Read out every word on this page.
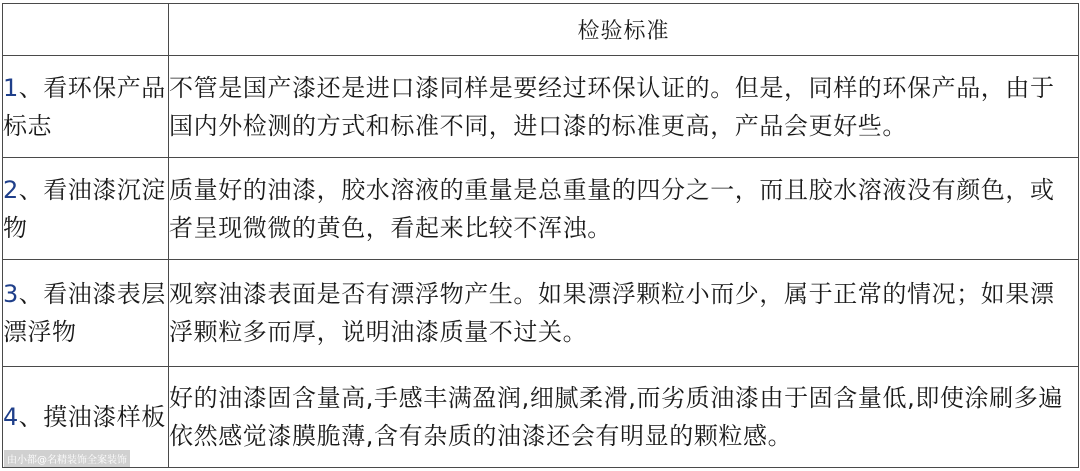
	检验标准
1、看环保产品标志	不管是国产漆还是进口漆同样是要经过环保认证的。但是，同样的环保产品，由于国内外检测的方式和标准不同，进口漆的标准更高，产品会更好些。
2、看油漆沉淀物	质量好的油漆，胶水溶液的重量是总重量的四分之一，而且胶水溶液没有颜色，或者呈现微微的黄色，看起来比较不浑浊。
3、看油漆表层漂浮物	观察油漆表面是否有漂浮物产生。如果漂浮颗粒小而少，属于正常的情况；如果漂浮颗粒多而厚，说明油漆质量不过关。
4、摸油漆样板	好的油漆固含量高,手感丰满盈润,细腻柔滑,而劣质油漆由于固含量低,即使涂刷多遍依然感觉漆膜脆薄,含有杂质的油漆还会有明显的颗粒感。
由小都@名精装饰全案装饰
